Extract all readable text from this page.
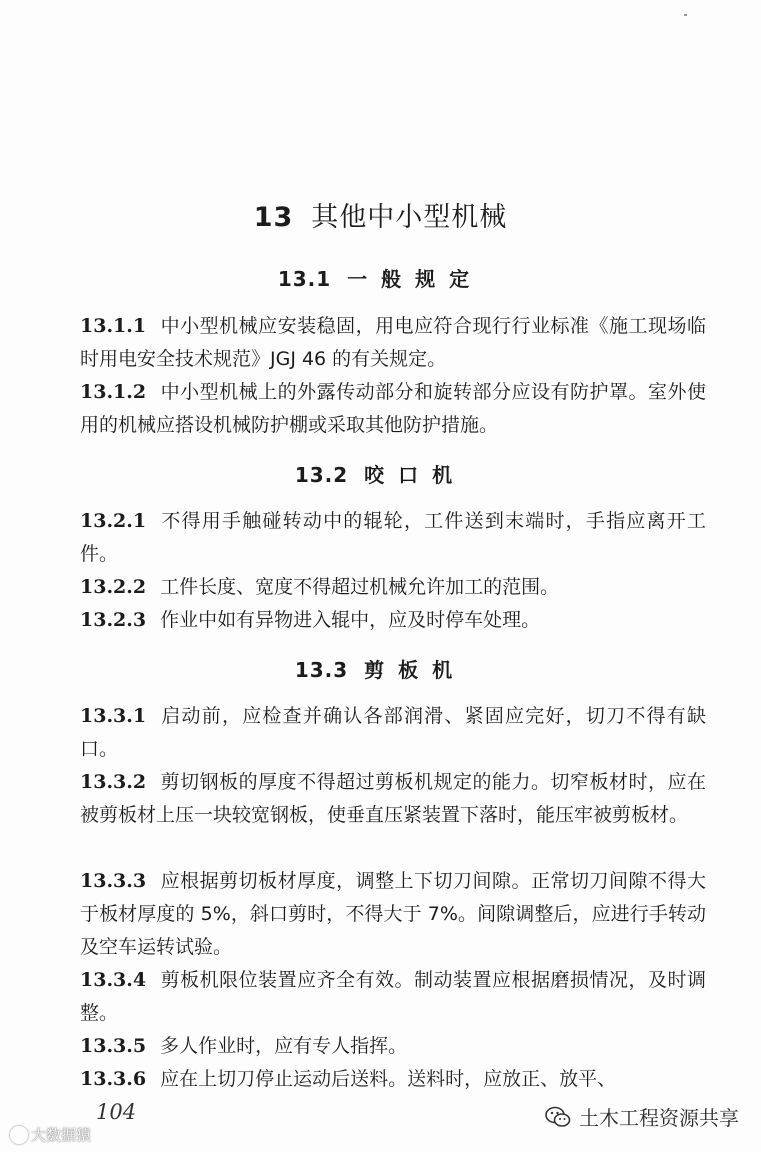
13 其他中小型机械
13.1 一般规定
13.1.1 中小型机械应安装稳固，用电应符合现行行业标准《施工现场临时用电安全技术规范》JGJ 46 的有关规定。
13.1.2 中小型机械上的外露传动部分和旋转部分应设有防护罩。室外使用的机械应搭设机械防护棚或采取其他防护措施。
13.2 咬口机
13.2.1 不得用手触碰转动中的辊轮，工件送到末端时，手指应离开工件。
13.2.2 工件长度、宽度不得超过机械允许加工的范围。
13.2.3 作业中如有异物进入辊中，应及时停车处理。
13.3 剪板机
13.3.1 启动前，应检查并确认各部润滑、紧固应完好，切刀不得有缺口。
13.3.2 剪切钢板的厚度不得超过剪板机规定的能力。切窄板材时，应在被剪板材上压一块较宽钢板，使垂直压紧装置下落时，能压牢被剪板材。
13.3.3 应根据剪切板材厚度，调整上下切刀间隙。正常切刀间隙不得大于板材厚度的 5%，斜口剪时，不得大于 7%。间隙调整后，应进行手转动及空车运转试验。
13.3.4 剪板机限位装置应齐全有效。制动装置应根据磨损情况，及时调整。
13.3.5 多人作业时，应有专人指挥。
13.3.6 应在上切刀停止运动后送料。送料时，应放正、放平、
104
大数据猿
土木工程资源共享
